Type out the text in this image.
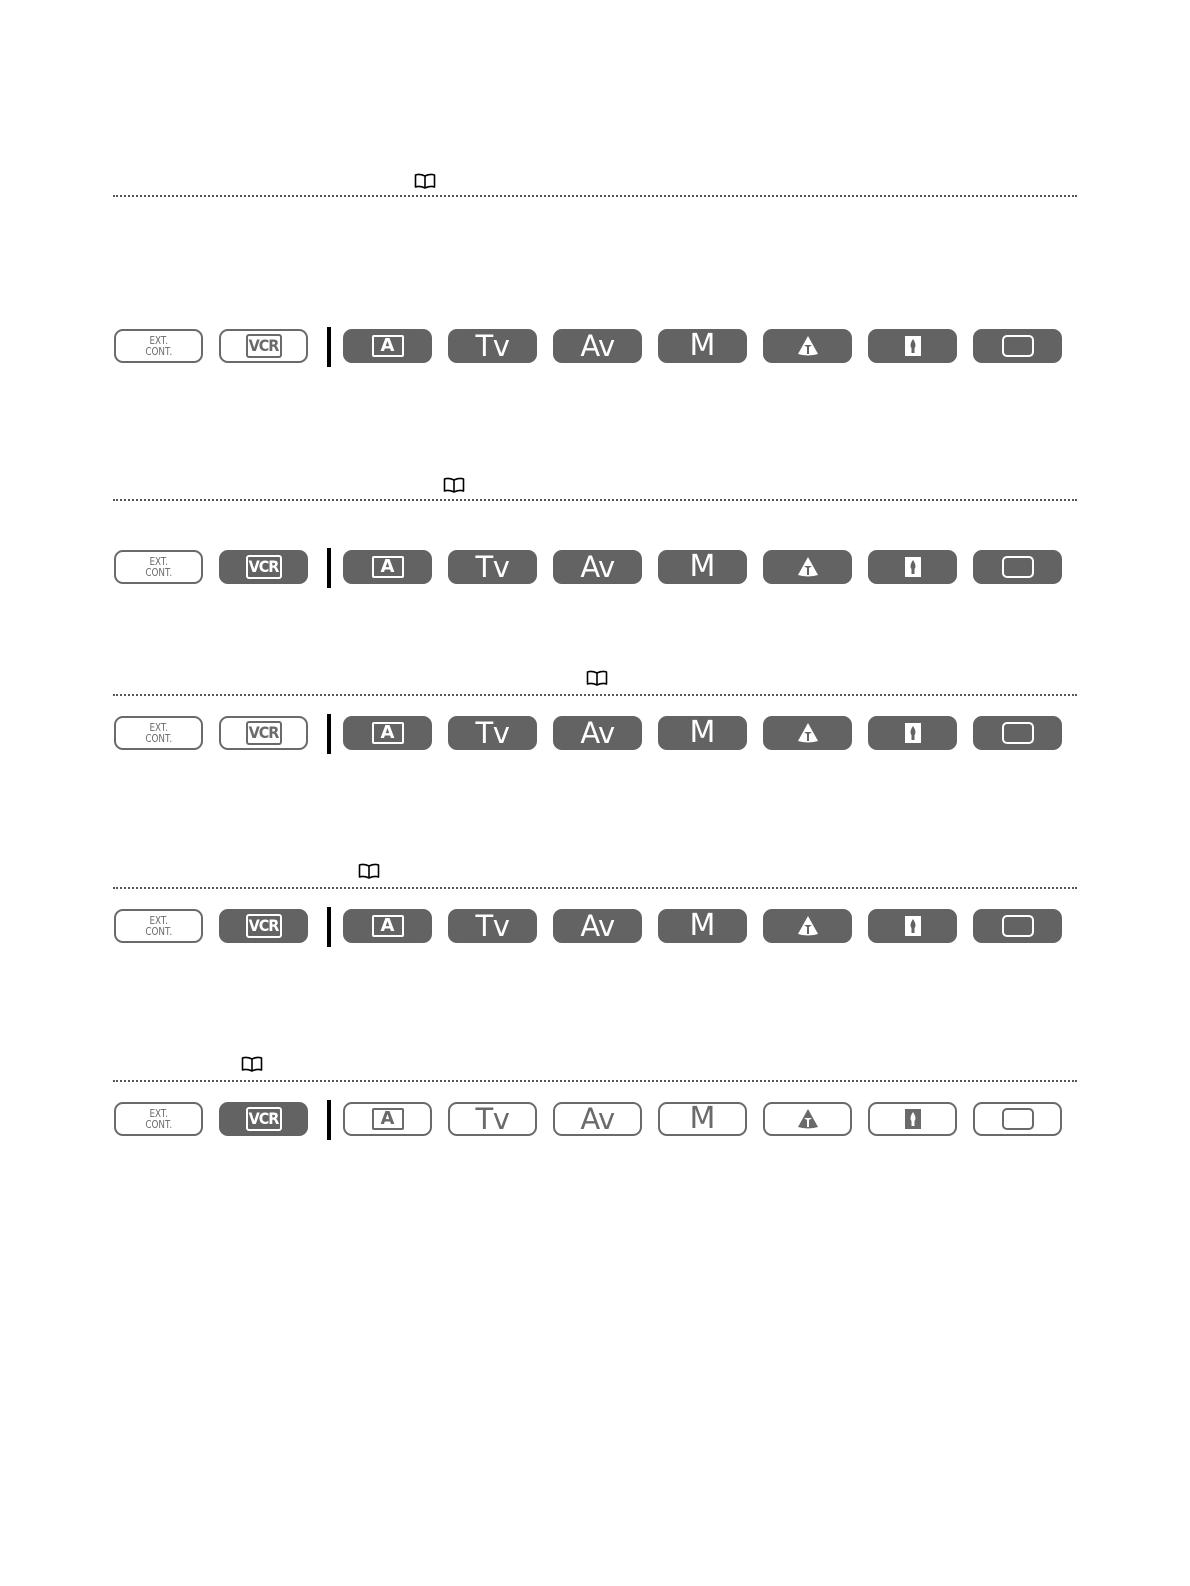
EXT.
CONT.	VCR	A	Tv Av M
EXT.
CONT.	VCR	A	Tv Av M
EXT.
CONT.	VCR	A	Tv Av M
EXT.
CONT.	VCR	A	Tv Av M
EXT.
CONT.	VCR	A	Tv Av M
